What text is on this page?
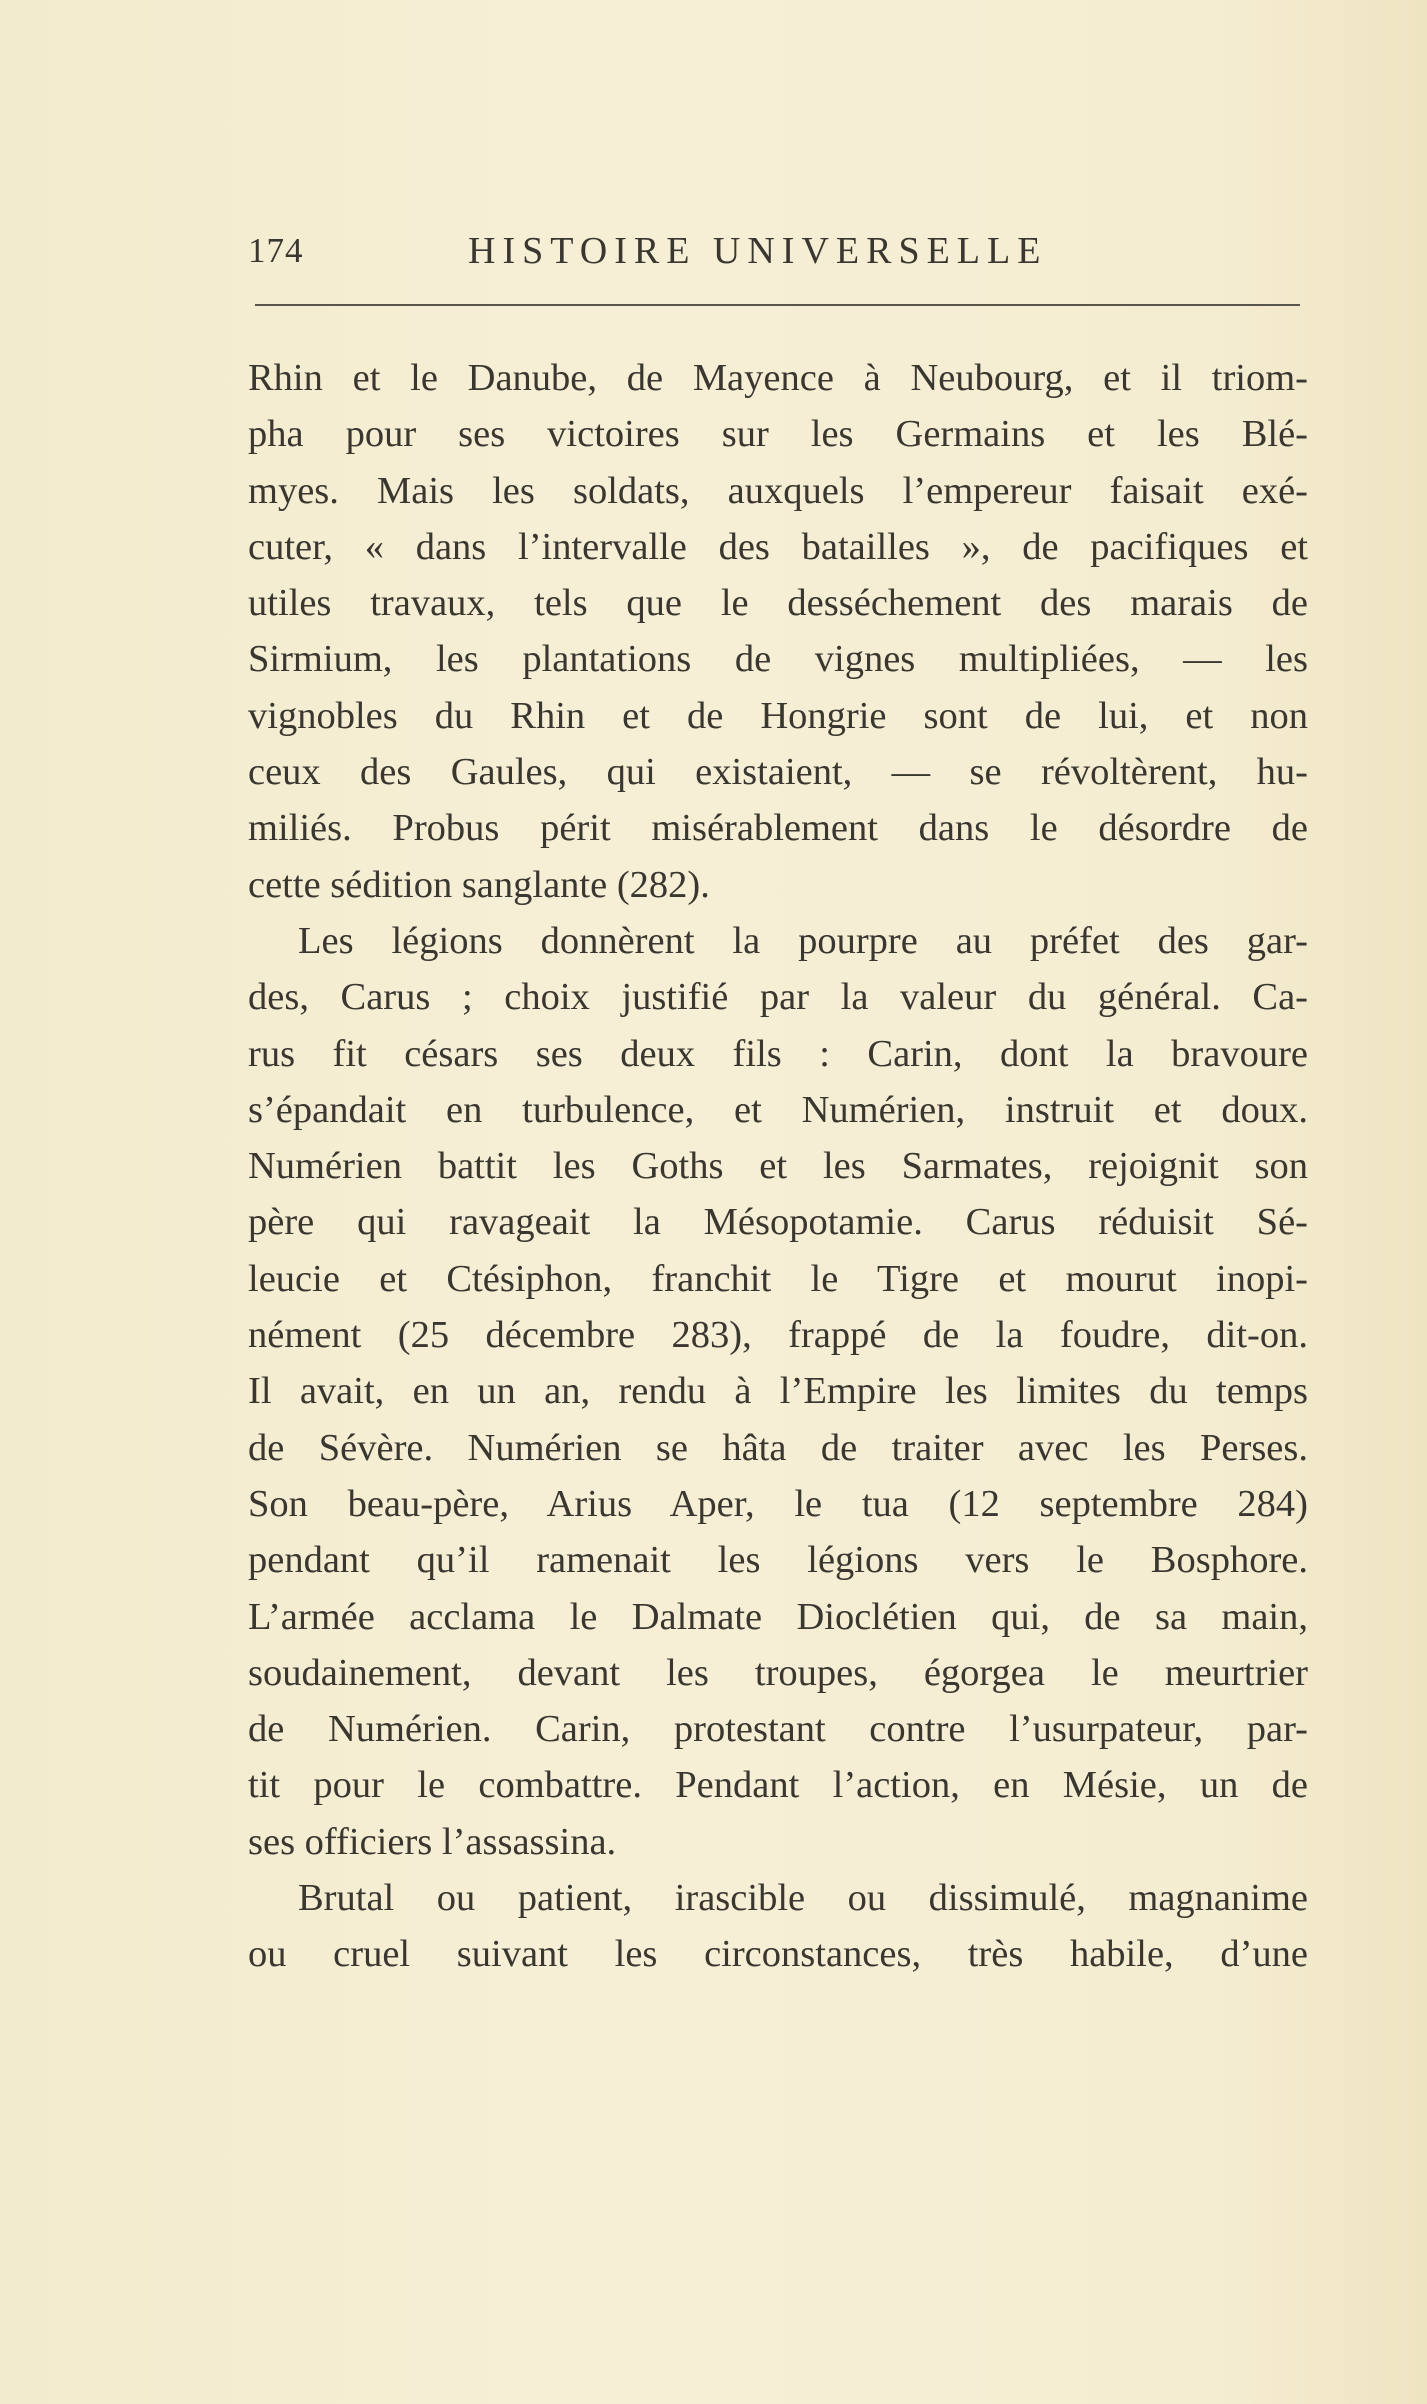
174	HISTOIRE UNIVERSELLE
Rhin et le Danube, de Mayence à Neubourg, et il triom-
pha pour ses victoires sur les Germains et les Blé-
myes. Mais les soldats, auxquels l’empereur faisait exé-
cuter, « dans l’intervalle des batailles », de pacifiques et
utiles travaux, tels que le desséchement des marais de
Sirmium, les plantations de vignes multipliées, — les
vignobles du Rhin et de Hongrie sont de lui, et non
ceux des Gaules, qui existaient, — se révoltèrent, hu-
miliés. Probus périt misérablement dans le désordre de
cette sédition sanglante (282).
Les légions donnèrent la pourpre au préfet des gar-
des, Carus ; choix justifié par la valeur du général. Ca-
rus fit césars ses deux fils : Carin, dont la bravoure
s’épandait en turbulence, et Numérien, instruit et doux.
Numérien battit les Goths et les Sarmates, rejoignit son
père qui ravageait la Mésopotamie. Carus réduisit Sé-
leucie et Ctésiphon, franchit le Tigre et mourut inopi-
nément (25 décembre 283), frappé de la foudre, dit-on.
Il avait, en un an, rendu à l’Empire les limites du temps
de Sévère. Numérien se hâta de traiter avec les Perses.
Son beau-père, Arius Aper, le tua (12 septembre 284)
pendant qu’il ramenait les légions vers le Bosphore.
L’armée acclama le Dalmate Dioclétien qui, de sa main,
soudainement, devant les troupes, égorgea le meurtrier
de Numérien. Carin, protestant contre l’usurpateur, par-
tit pour le combattre. Pendant l’action, en Mésie, un de
ses officiers l’assassina.
Brutal ou patient, irascible ou dissimulé, magnanime
ou cruel suivant les circonstances, très habile, d’une
